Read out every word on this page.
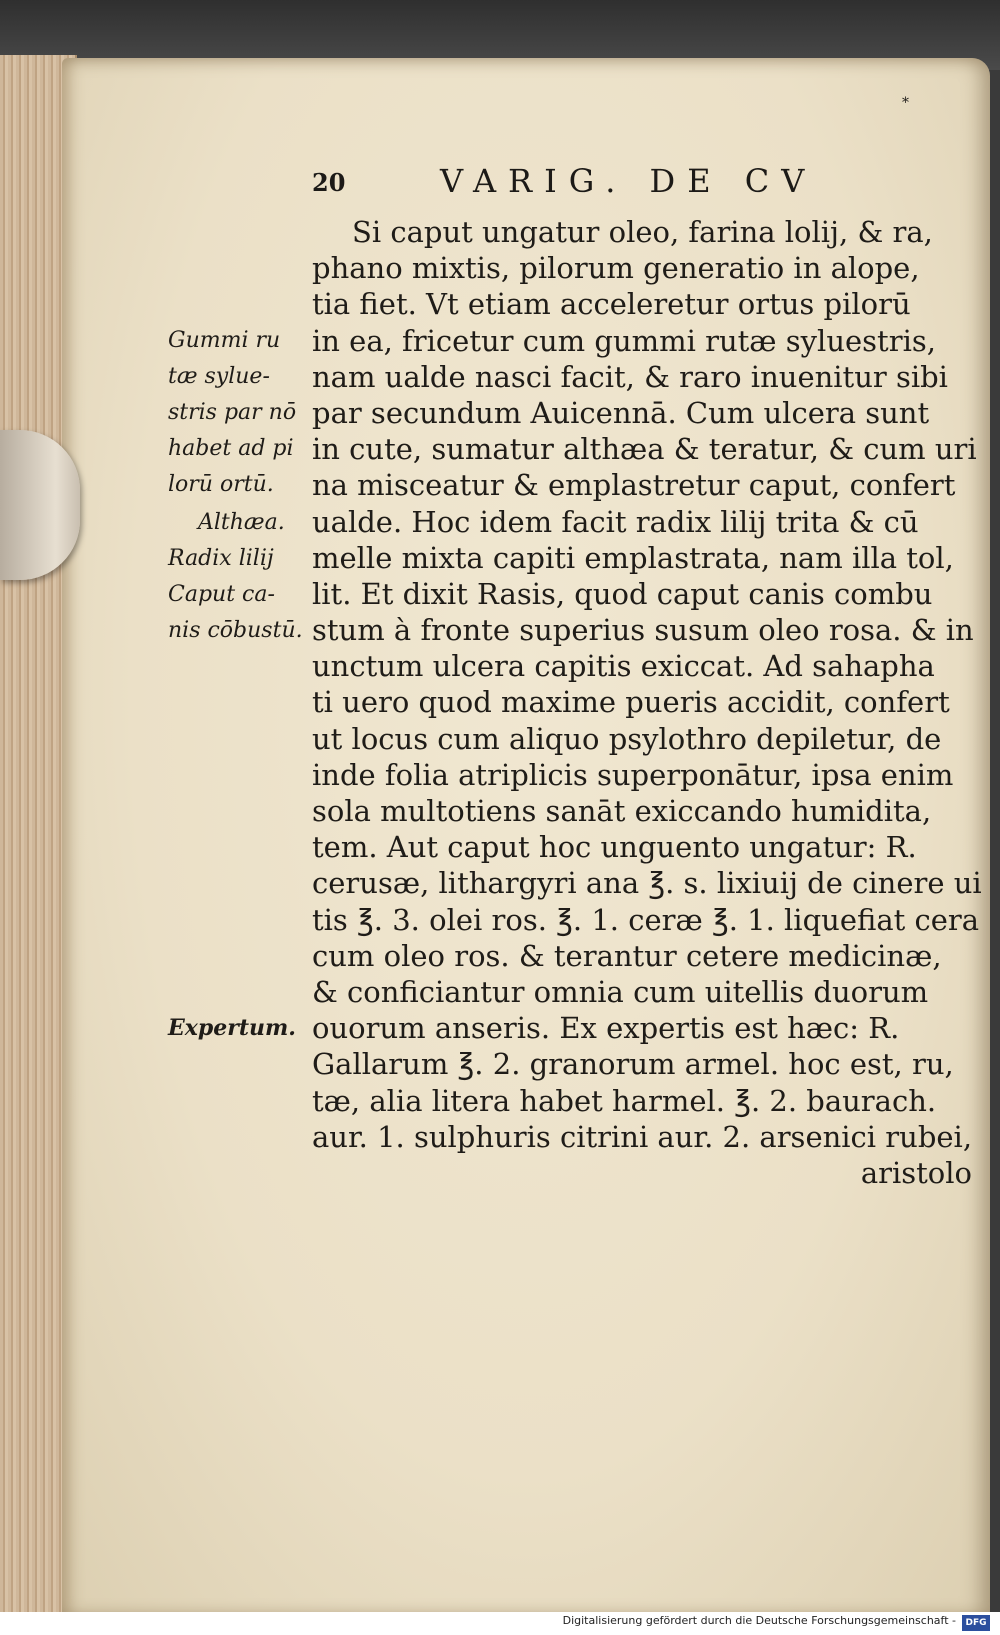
*
20	VARIG. DE CV
Si caput ungatur oleo, farina lolij, & ra,
phano mixtis, pilorum generatio in alope,
tia fiet. Vt etiam acceleretur ortus pilorū
in ea, fricetur cum gummi rutæ syluestris,
nam ualde nasci facit, & raro inuenitur sibi
par secundum Auicennā. Cum ulcera sunt
in cute, sumatur althæa & teratur, & cum uri
na misceatur & emplastretur caput, confert
ualde. Hoc idem facit radix lilij trita & cū
melle mixta capiti emplastrata, nam illa tol,
lit. Et dixit Rasis, quod caput canis combu
stum à fronte superius susum oleo rosa. & in
unctum ulcera capitis exiccat. Ad sahapha
ti uero quod maxime pueris accidit, confert
ut locus cum aliquo psylothro depiletur, de
inde folia atriplicis superponātur, ipsa enim
sola multotiens sanāt exiccando humidita,
tem. Aut caput hoc unguento ungatur: R.
cerusæ, lithargyri ana ℥. s. lixiuij de cinere ui
tis ℥. 3. olei ros. ℥. 1. ceræ ℥. 1. liquefiat cera
cum oleo ros. & terantur cetere medicinæ,
& conficiantur omnia cum uitellis duorum
ouorum anseris. Ex expertis est hæc: R.
Gallarum ℥. 2. granorum armel. hoc est, ru,
tæ, alia litera habet harmel. ℥. 2. baurach.
aur. 1. sulphuris citrini aur. 2. arsenici rubei,
aristolo
Gummi ru
tæ sylue-
stris par nō
habet ad pi
lorū ortū.
Althæa.
Radix lilij
Caput ca-
nis cōbustū.
Expertum.
Digitalisierung gefördert durch die Deutsche Forschungsgemeinschaft -	DFG
